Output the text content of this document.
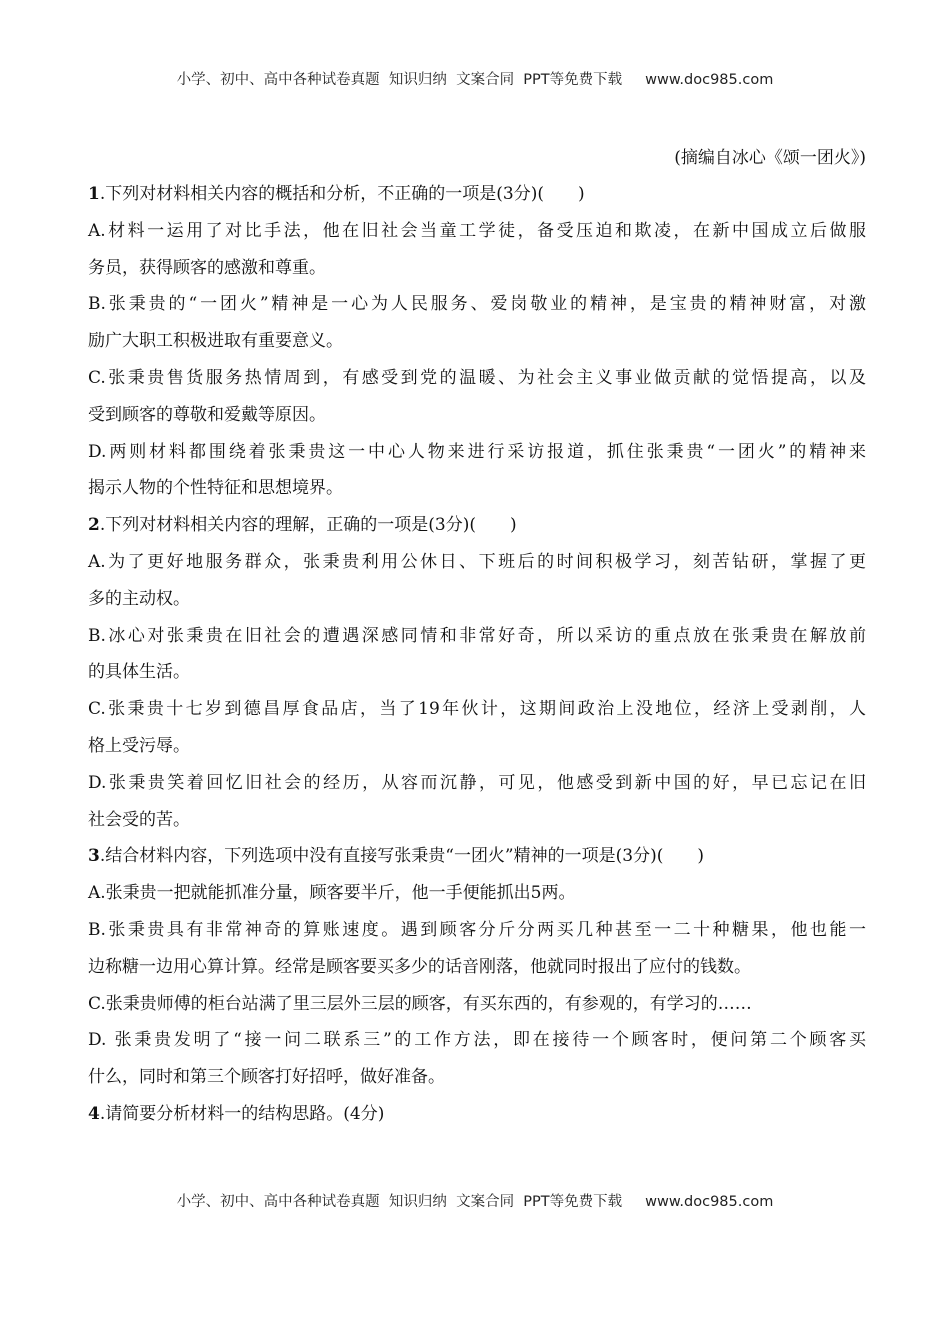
小学、初中、高中各种试卷真题  知识归纳  文案合同  PPT等免费下载     www.doc985.com
(摘编自冰心《颂一团火》)
1.下列对材料相关内容的概括和分析，不正确的一项是(3分)(　　)
A.材料一运用了对比手法，他在旧社会当童工学徒，备受压迫和欺凌，在新中国成立后做服
务员，获得顾客的感激和尊重。
B.张秉贵的“一团火”精神是一心为人民服务、爱岗敬业的精神，是宝贵的精神财富，对激
励广大职工积极进取有重要意义。
C.张秉贵售货服务热情周到，有感受到党的温暖、为社会主义事业做贡献的觉悟提高，以及
受到顾客的尊敬和爱戴等原因。
D.两则材料都围绕着张秉贵这一中心人物来进行采访报道，抓住张秉贵“一团火”的精神来
揭示人物的个性特征和思想境界。
2.下列对材料相关内容的理解，正确的一项是(3分)(　　)
A.为了更好地服务群众，张秉贵利用公休日、下班后的时间积极学习，刻苦钻研，掌握了更
多的主动权。
B.冰心对张秉贵在旧社会的遭遇深感同情和非常好奇，所以采访的重点放在张秉贵在解放前
的具体生活。
C.张秉贵十七岁到德昌厚食品店，当了19年伙计，这期间政治上没地位，经济上受剥削，人
格上受污辱。
D.张秉贵笑着回忆旧社会的经历，从容而沉静，可见，他感受到新中国的好，早已忘记在旧
社会受的苦。
3.结合材料内容，下列选项中没有直接写张秉贵“一团火”精神的一项是(3分)(　　)
A.张秉贵一把就能抓准分量，顾客要半斤，他一手便能抓出5两。
B.张秉贵具有非常神奇的算账速度。遇到顾客分斤分两买几种甚至一二十种糖果，他也能一
边称糖一边用心算计算。经常是顾客要买多少的话音刚落，他就同时报出了应付的钱数。
C.张秉贵师傅的柜台站满了里三层外三层的顾客，有买东西的，有参观的，有学习的……
D. 张秉贵发明了“接一问二联系三”的工作方法，即在接待一个顾客时，便问第二个顾客买
什么，同时和第三个顾客打好招呼，做好准备。
4.请简要分析材料一的结构思路。(4分)
小学、初中、高中各种试卷真题  知识归纳  文案合同  PPT等免费下载     www.doc985.com
